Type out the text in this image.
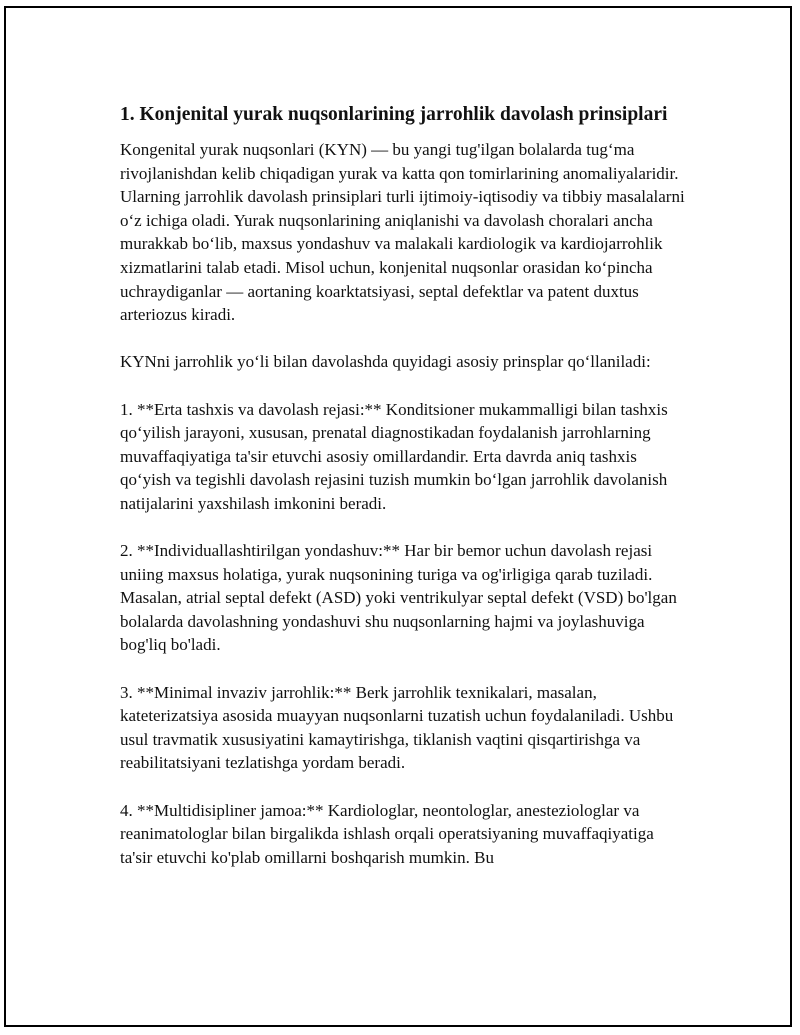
1. Konjenital yurak nuqsonlarining jarrohlik davolash prinsiplari

Kongenital yurak nuqsonlari (KYN) — bu yangi tug'ilgan bolalarda tug‘ma rivojlanishdan kelib chiqadigan yurak va katta qon tomirlarining anomaliyalaridir. Ularning jarrohlik davolash prinsiplari turli ijtimoiy-iqtisodiy va tibbiy masalalarni o‘z ichiga oladi. Yurak nuqsonlarining aniqlanishi va davolash choralari ancha murakkab bo‘lib, maxsus yondashuv va malakali kardiologik va kardiojarrohlik xizmatlarini talab etadi. Misol uchun, konjenital nuqsonlar orasidan ko‘pincha uchraydiganlar — aortaning koarktatsiyasi, septal defektlar va patent duxtus arteriozus kiradi.

KYNni jarrohlik yo‘li bilan davolashda quyidagi asosiy prinsplar qo‘llaniladi:

1. **Erta tashxis va davolash rejasi:** Konditsioner mukammalligi bilan tashxis qo‘yilish jarayoni, xususan, prenatal diagnostikadan foydalanish jarrohlarning muvaffaqiyatiga ta'sir etuvchi asosiy omillardandir. Erta davrda aniq tashxis qo‘yish va tegishli davolash rejasini tuzish mumkin bo‘lgan jarrohlik davolanish natijalarini yaxshilash imkonini beradi.

2. **Individuallashtirilgan yondashuv:** Har bir bemor uchun davolash rejasi uniing maxsus holatiga, yurak nuqsonining turiga va og'irligiga qarab tuziladi. Masalan, atrial septal defekt (ASD) yoki ventrikulyar septal defekt (VSD) bo'lgan bolalarda davolashning yondashuvi shu nuqsonlarning hajmi va joylashuviga bog'liq bo'ladi.

3. **Minimal invaziv jarrohlik:** Berk jarrohlik texnikalari, masalan, kateterizatsiya asosida muayyan nuqsonlarni tuzatish uchun foydalaniladi. Ushbu usul travmatik xususiyatini kamaytirishga, tiklanish vaqtini qisqartirishga va reabilitatsiyani tezlatishga yordam beradi.

4. **Multidisipliner jamoa:** Kardiologlar, neontologlar, anesteziologlar va reanimatologlar bilan birgalikda ishlash orqali operatsiyaning muvaffaqiyatiga ta'sir etuvchi ko'plab omillarni boshqarish mumkin. Bu
